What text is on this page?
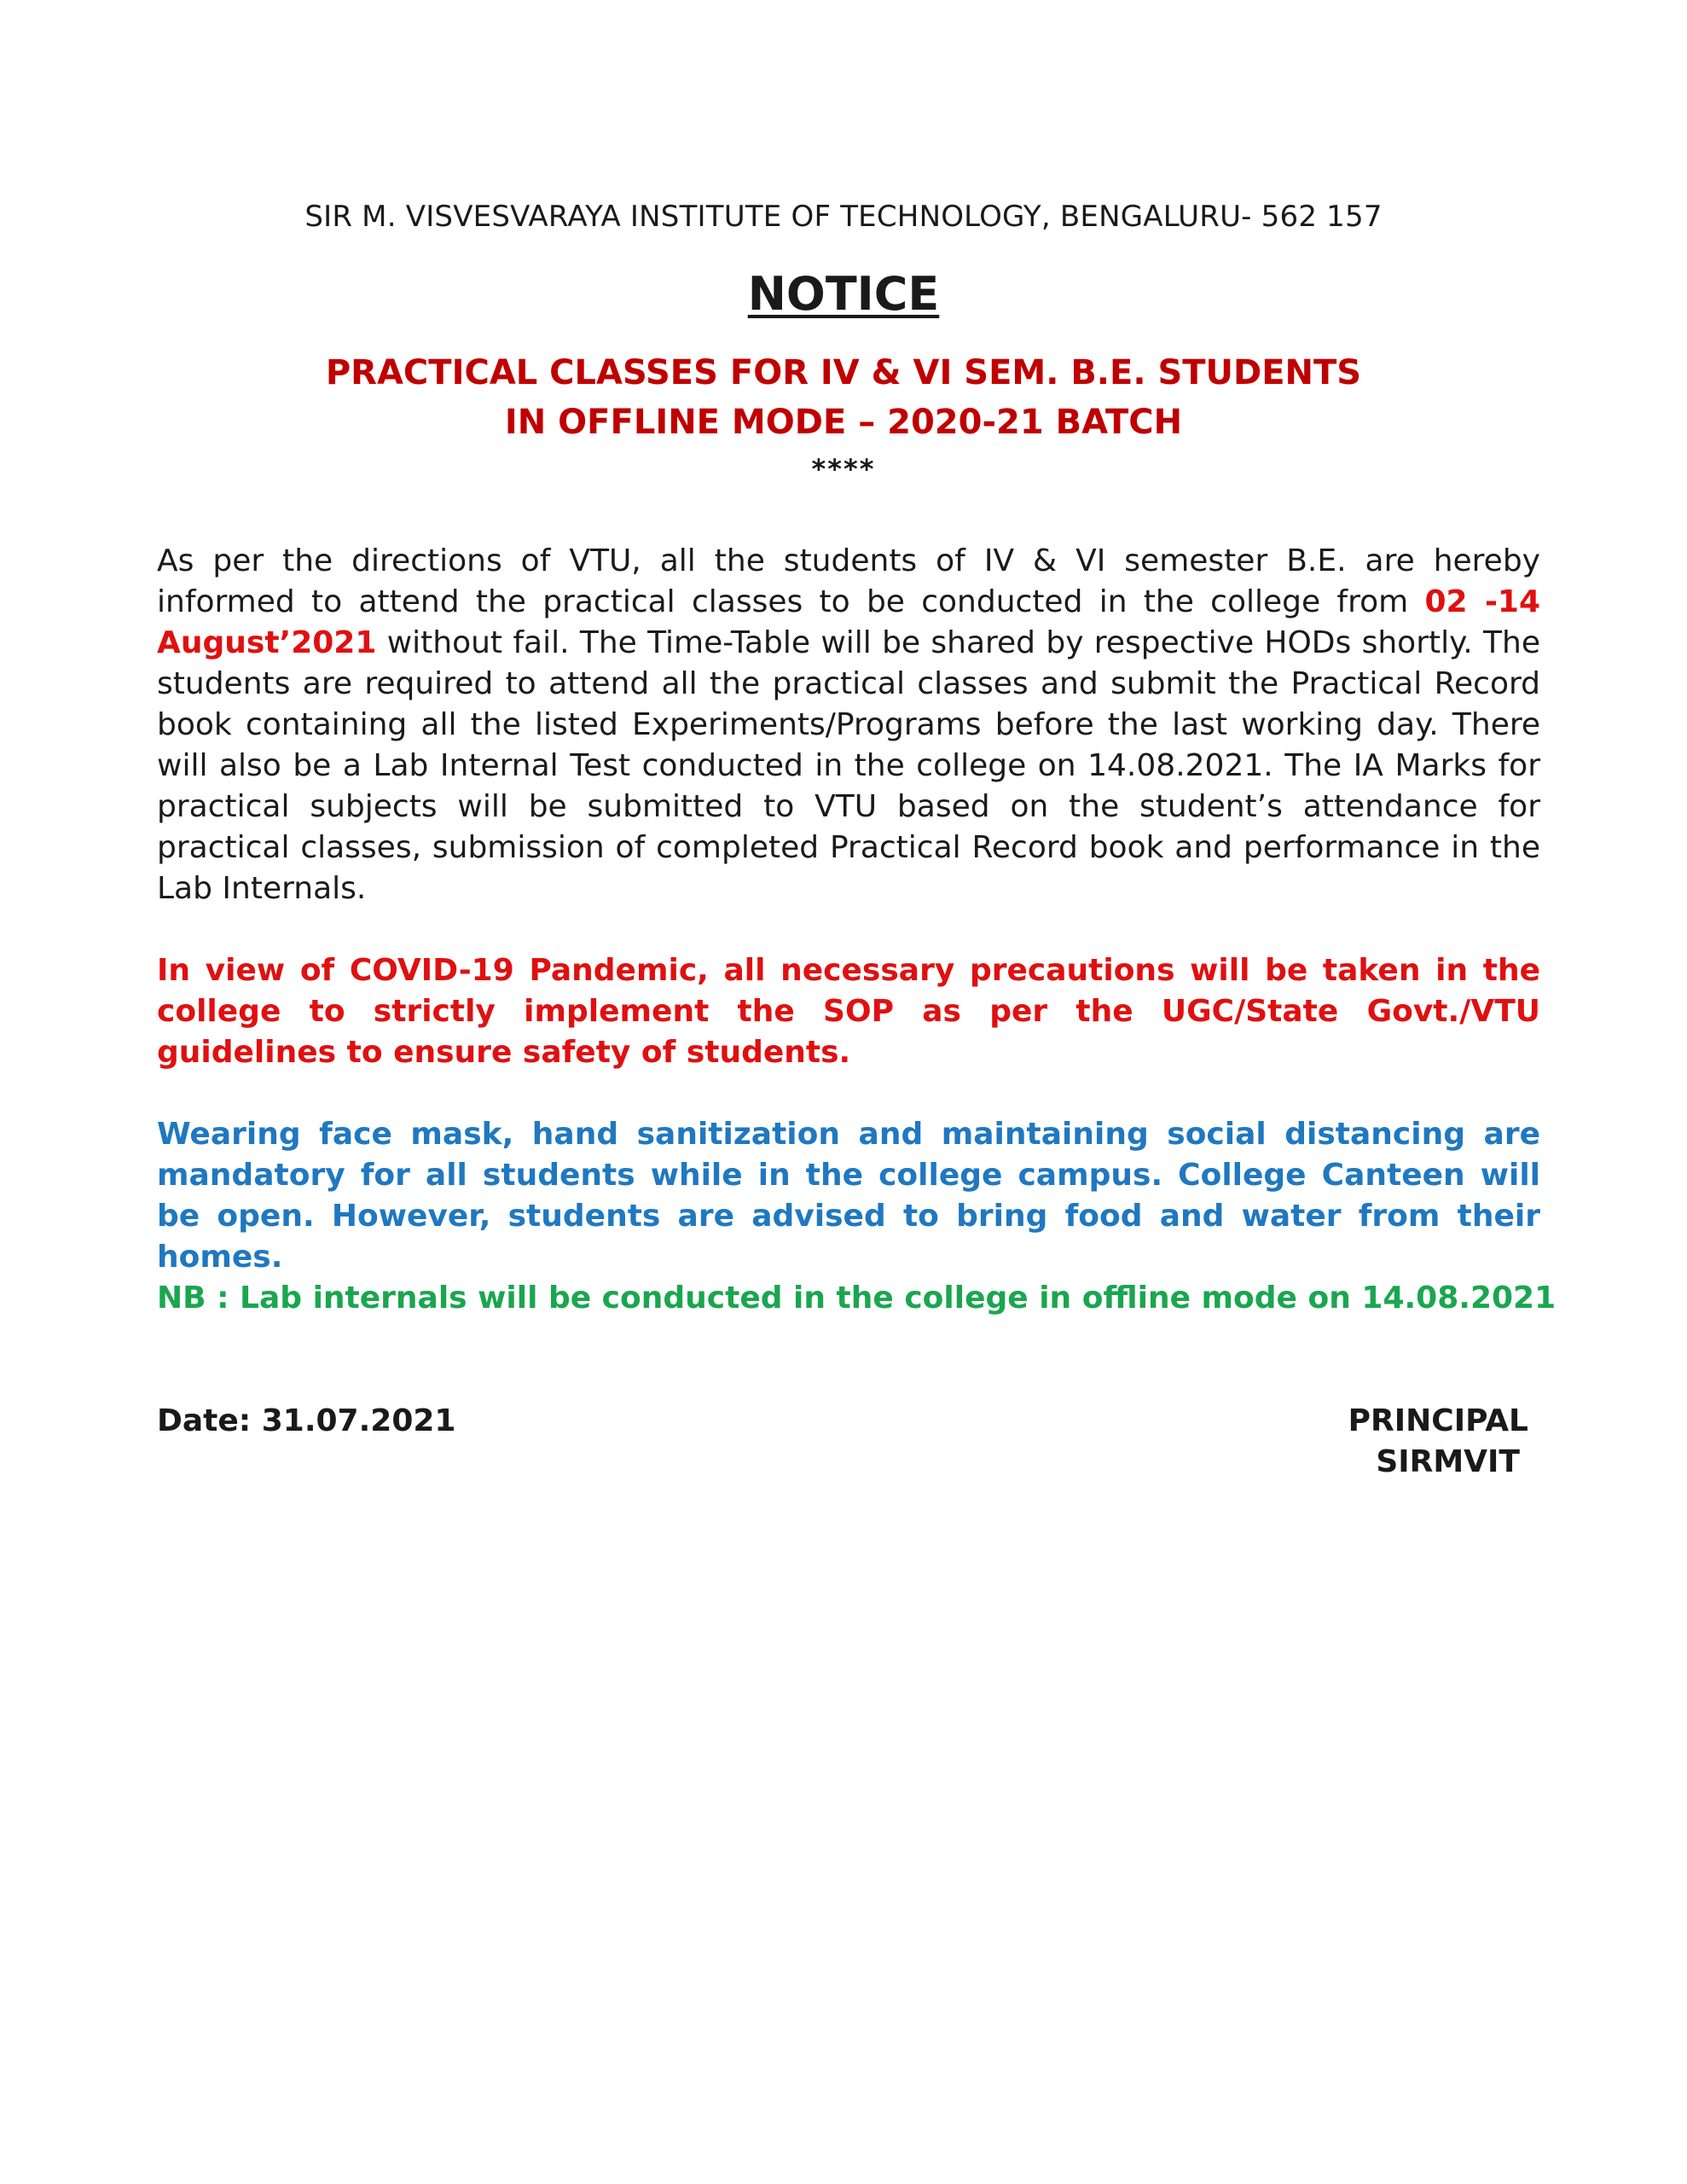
SIR M. VISVESVARAYA INSTITUTE OF TECHNOLOGY, BENGALURU- 562 157
NOTICE
PRACTICAL CLASSES FOR IV & VI SEM. B.E. STUDENTS
IN OFFLINE MODE – 2020-21 BATCH
****
As per the directions of VTU, all the students of IV & VI semester B.E. are hereby informed to attend the practical classes to be conducted in the college from 02 -14 August’2021 without fail. The Time-Table will be shared by respective HODs shortly. The students are required to attend all the practical classes and submit the Practical Record book containing all the listed Experiments/Programs before the last working day. There will also be a Lab Internal Test conducted in the college on 14.08.2021. The IA Marks for practical subjects will be submitted to VTU based on the student’s attendance for practical classes, submission of completed Practical Record book and performance in the Lab Internals.
In view of COVID-19 Pandemic, all necessary precautions will be taken in the college to strictly implement the SOP as per the UGC/State Govt./VTU guidelines to ensure safety of students.
Wearing face mask, hand sanitization and maintaining social distancing are mandatory for all students while in the college campus. College Canteen will be open. However, students are advised to bring food and water from their homes.
NB : Lab internals will be conducted in the college in offline mode on 14.08.2021
Date: 31.07.2021	PRINCIPAL
SIRMVIT
